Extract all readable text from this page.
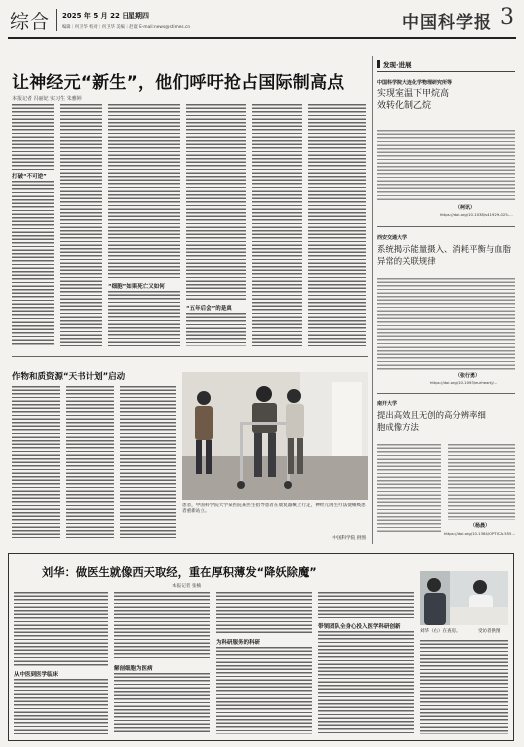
综合 2025 年 5 月 22 日
星期四
编辑｜何卫华 校对｜何卫华 美编｜赵寰 E-mail:news@stimes.cn	中国科学报 3
让神经元“新生”，他们呼吁抢占国际制高点
本报记者 冯丽妃 实习生 朱雅婷
打破“不可逆”
“细胞”如果死亡又如何
“五年后会”的是真
作物和质资源“天书计划”启动
患者，中国科学院大学某医院某医生指导患者在康复器械上行走，神经元再生疗法使瘫痪患者重新站立。
中国科学院 供图
发现·进展
中国科学院大连化学物理研究所等
实现室温下甲烷高效转化制乙烷
（柯讯）
https://doi.org/10.1038/s41929-025-...
西安交通大学
系统揭示能量摄入、消耗平衡与血脂异常的关联规律
（张行勇）
https://doi.org/10.1093/eurheartj/...
南开大学
提出高效且无创的高分辨率细胞成像方法
（杨晨）
https://doi.org/10.1364/OPTICA.555...
刘华：做医生就像西天取经，重在厚积薄发“降妖除魔”
本报记者 张楠
从中医到医学临床
解剖细胞为医病
为科研服务的科研
带领团队全身心投入医学科研创新
刘华（右）在查房。	受访者供图
